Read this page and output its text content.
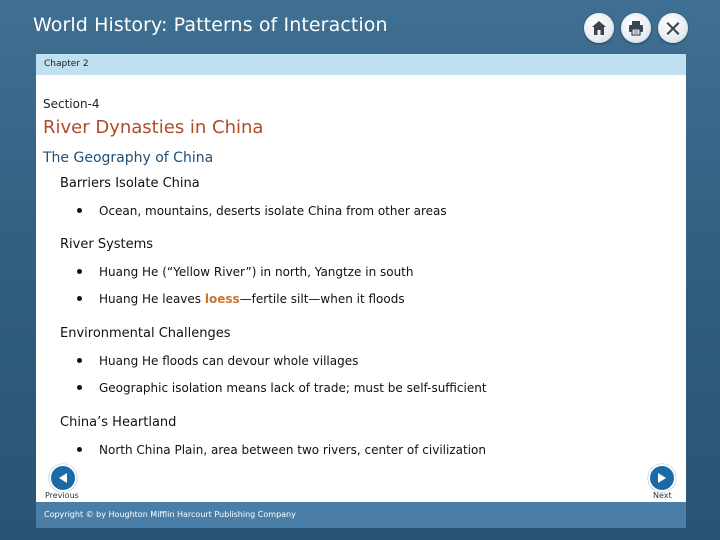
World History: Patterns of Interaction
Chapter 2
Section-4
River Dynasties in China
The Geography of China
Barriers Isolate China
Ocean, mountains, deserts isolate China from other areas
River Systems
Huang He (“Yellow River”) in north, Yangtze in south
Huang He leaves loess—fertile silt—when it floods
Environmental Challenges
Huang He floods can devour whole villages
Geographic isolation means lack of trade; must be self-sufficient
China’s Heartland
North China Plain, area between two rivers, center of civilization
Previous	Next
Copyright © by Houghton Mifflin Harcourt Publishing Company
